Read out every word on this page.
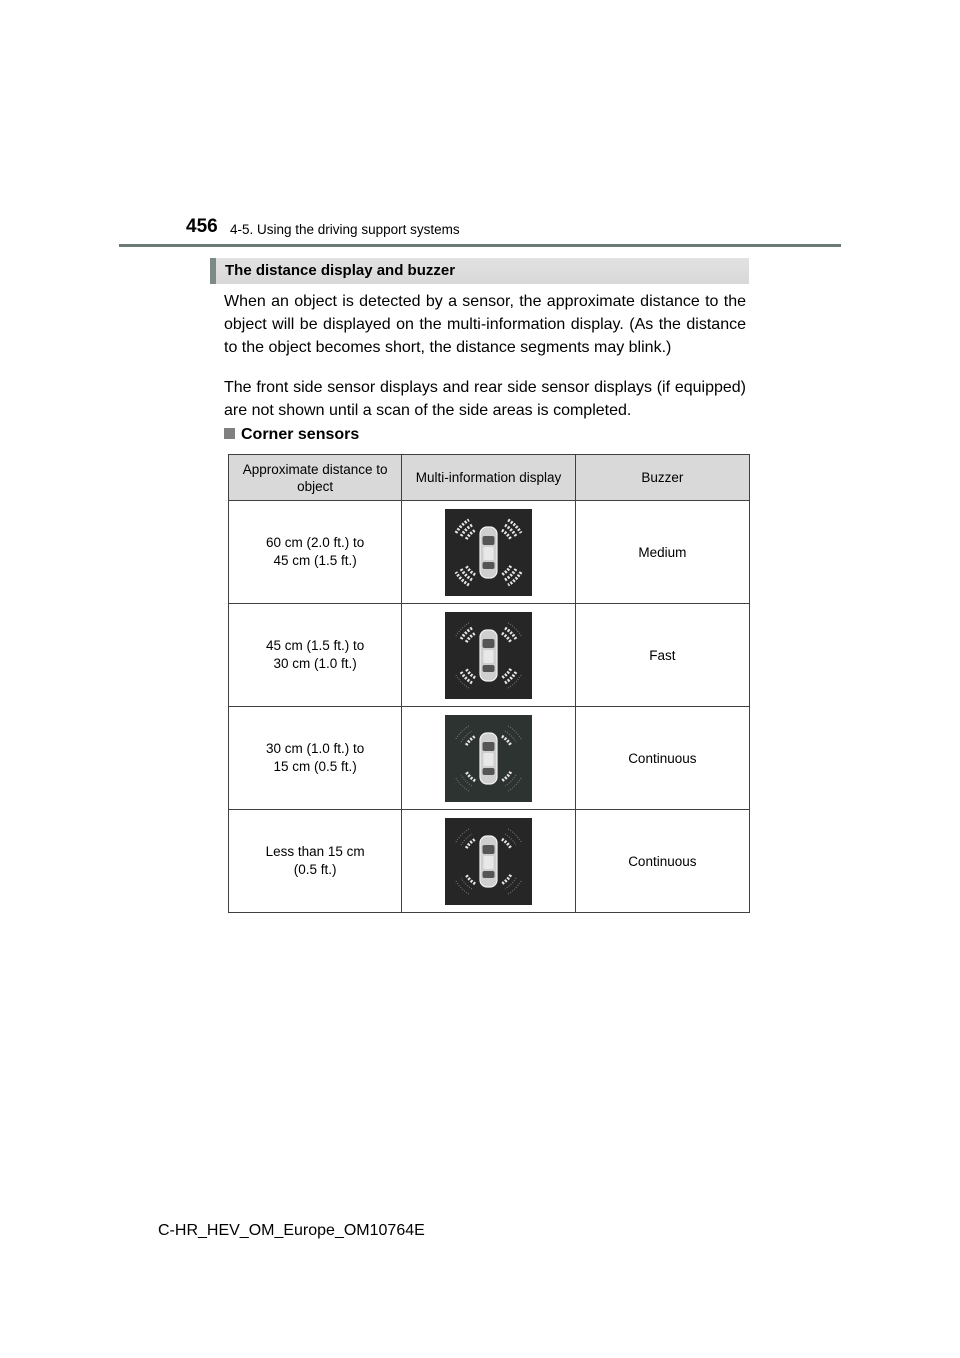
456 4-5. Using the driving support systems
The distance display and buzzer
When an object is detected by a sensor, the approximate distance to the object will be displayed on the multi-information display. (As the distance to the object becomes short, the distance segments may blink.)
The front side sensor displays and rear side sensor displays (if equipped) are not shown until a scan of the side areas is completed.
Corner sensors
Approximate distance to
object	Multi-information display	Buzzer
60 cm (2.0 ft.) to
45 cm (1.5 ft.)		Medium
45 cm (1.5 ft.) to
30 cm (1.0 ft.)		Fast
30 cm (1.0 ft.) to
15 cm (0.5 ft.)		Continuous
Less than 15 cm
(0.5 ft.)		Continuous
C-HR_HEV_OM_Europe_OM10764E
